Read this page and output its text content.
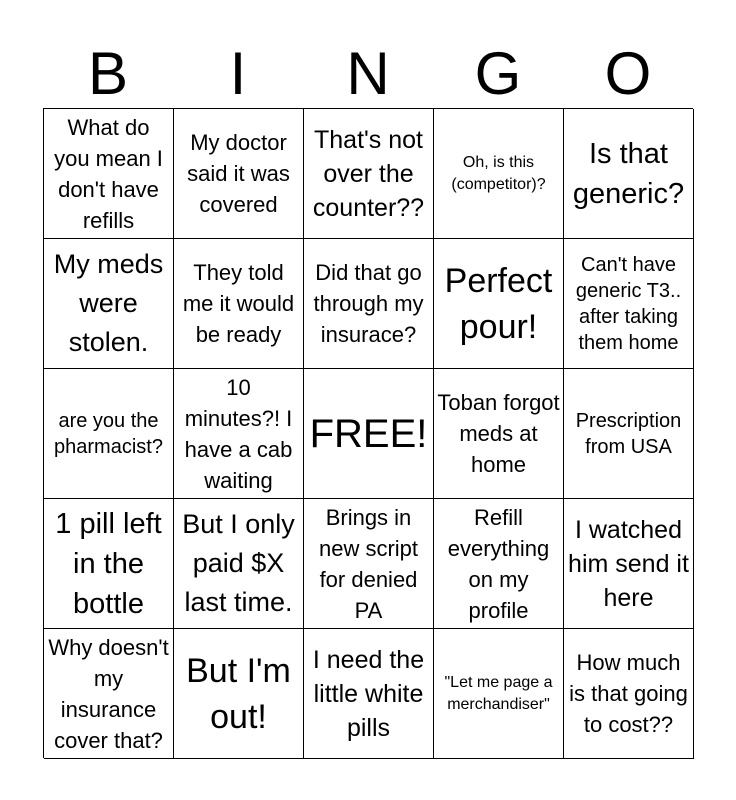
B	I	N	G	O
What do you mean I don't have refills
My doctor said it was covered
That's not over the counter??
Oh, is this (competitor)?
Is that generic?
My meds were stolen.
They told me it would be ready
Did that go through my insurace?
Perfect pour!
Can't have generic T3.. after taking them home
are you the pharmacist?
10 minutes?! I have a cab waiting
FREE!
Toban forgot meds at home
Prescription from USA
1 pill left in the bottle
But I only paid $X last time.
Brings in new script for denied PA
Refill everything on my profile
I watched him send it here
Why doesn't my insurance cover that?
But I'm out!
I need the little white pills
"Let me page a merchandiser"
How much is that going to cost??
